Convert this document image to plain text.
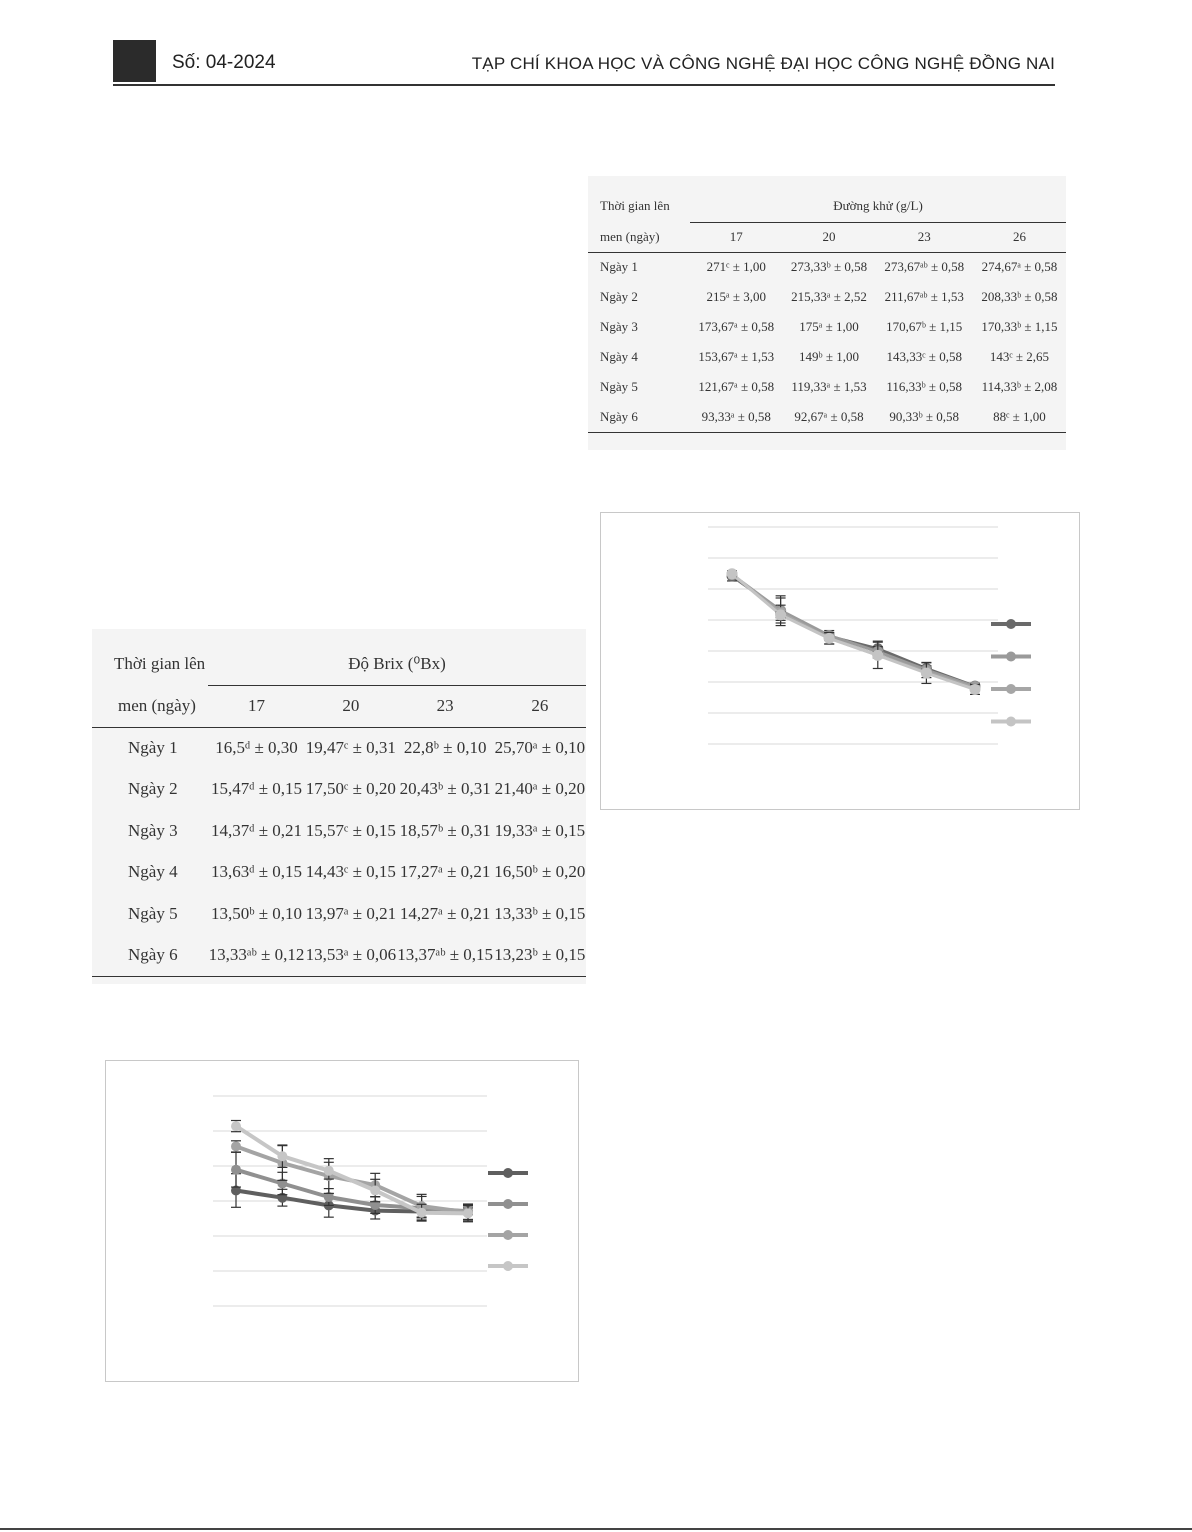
Số: 04-2024	TẠP CHÍ KHOA HỌC VÀ CÔNG NGHỆ ĐẠI HỌC CÔNG NGHỆ ĐỒNG NAI
Thời gian lên	Đường khử (g/L)			
men (ngày)	17	20	23	26
Ngày 1	271ᶜ ± 1,00	273,33ᵇ ± 0,58	273,67ᵃᵇ ± 0,58	274,67ᵃ ± 0,58
Ngày 2	215ᵃ ± 3,00	215,33ᵃ ± 2,52	211,67ᵃᵇ ± 1,53	208,33ᵇ ± 0,58
Ngày 3	173,67ᵃ ± 0,58	175ᵃ ± 1,00	170,67ᵇ ± 1,15	170,33ᵇ ± 1,15
Ngày 4	153,67ᵃ ± 1,53	149ᵇ ± 1,00	143,33ᶜ ± 0,58	143ᶜ ± 2,65
Ngày 5	121,67ᵃ ± 0,58	119,33ᵃ ± 1,53	116,33ᵇ ± 0,58	114,33ᵇ ± 2,08
Ngày 6	93,33ᵃ ± 0,58	92,67ᵃ ± 0,58	90,33ᵇ ± 0,58	88ᶜ ± 1,00
Thời gian lên	Độ Brix (⁰Bx)			
men (ngày)	17	20	23	26
Ngày 1	16,5ᵈ ± 0,30	19,47ᶜ ± 0,31	22,8ᵇ ± 0,10	25,70ᵃ ± 0,10
Ngày 2	15,47ᵈ ± 0,15	17,50ᶜ ± 0,20	20,43ᵇ ± 0,31	21,40ᵃ ± 0,20
Ngày 3	14,37ᵈ ± 0,21	15,57ᶜ ± 0,15	18,57ᵇ ± 0,31	19,33ᵃ ± 0,15
Ngày 4	13,63ᵈ ± 0,15	14,43ᶜ ± 0,15	17,27ᵃ ± 0,21	16,50ᵇ ± 0,20
Ngày 5	13,50ᵇ ± 0,10	13,97ᵃ ± 0,21	14,27ᵃ ± 0,21	13,33ᵇ ± 0,15
Ngày 6	13,33ᵃᵇ ± 0,12	13,53ᵃ ± 0,06	13,37ᵃᵇ ± 0,15	13,23ᵇ ± 0,15
